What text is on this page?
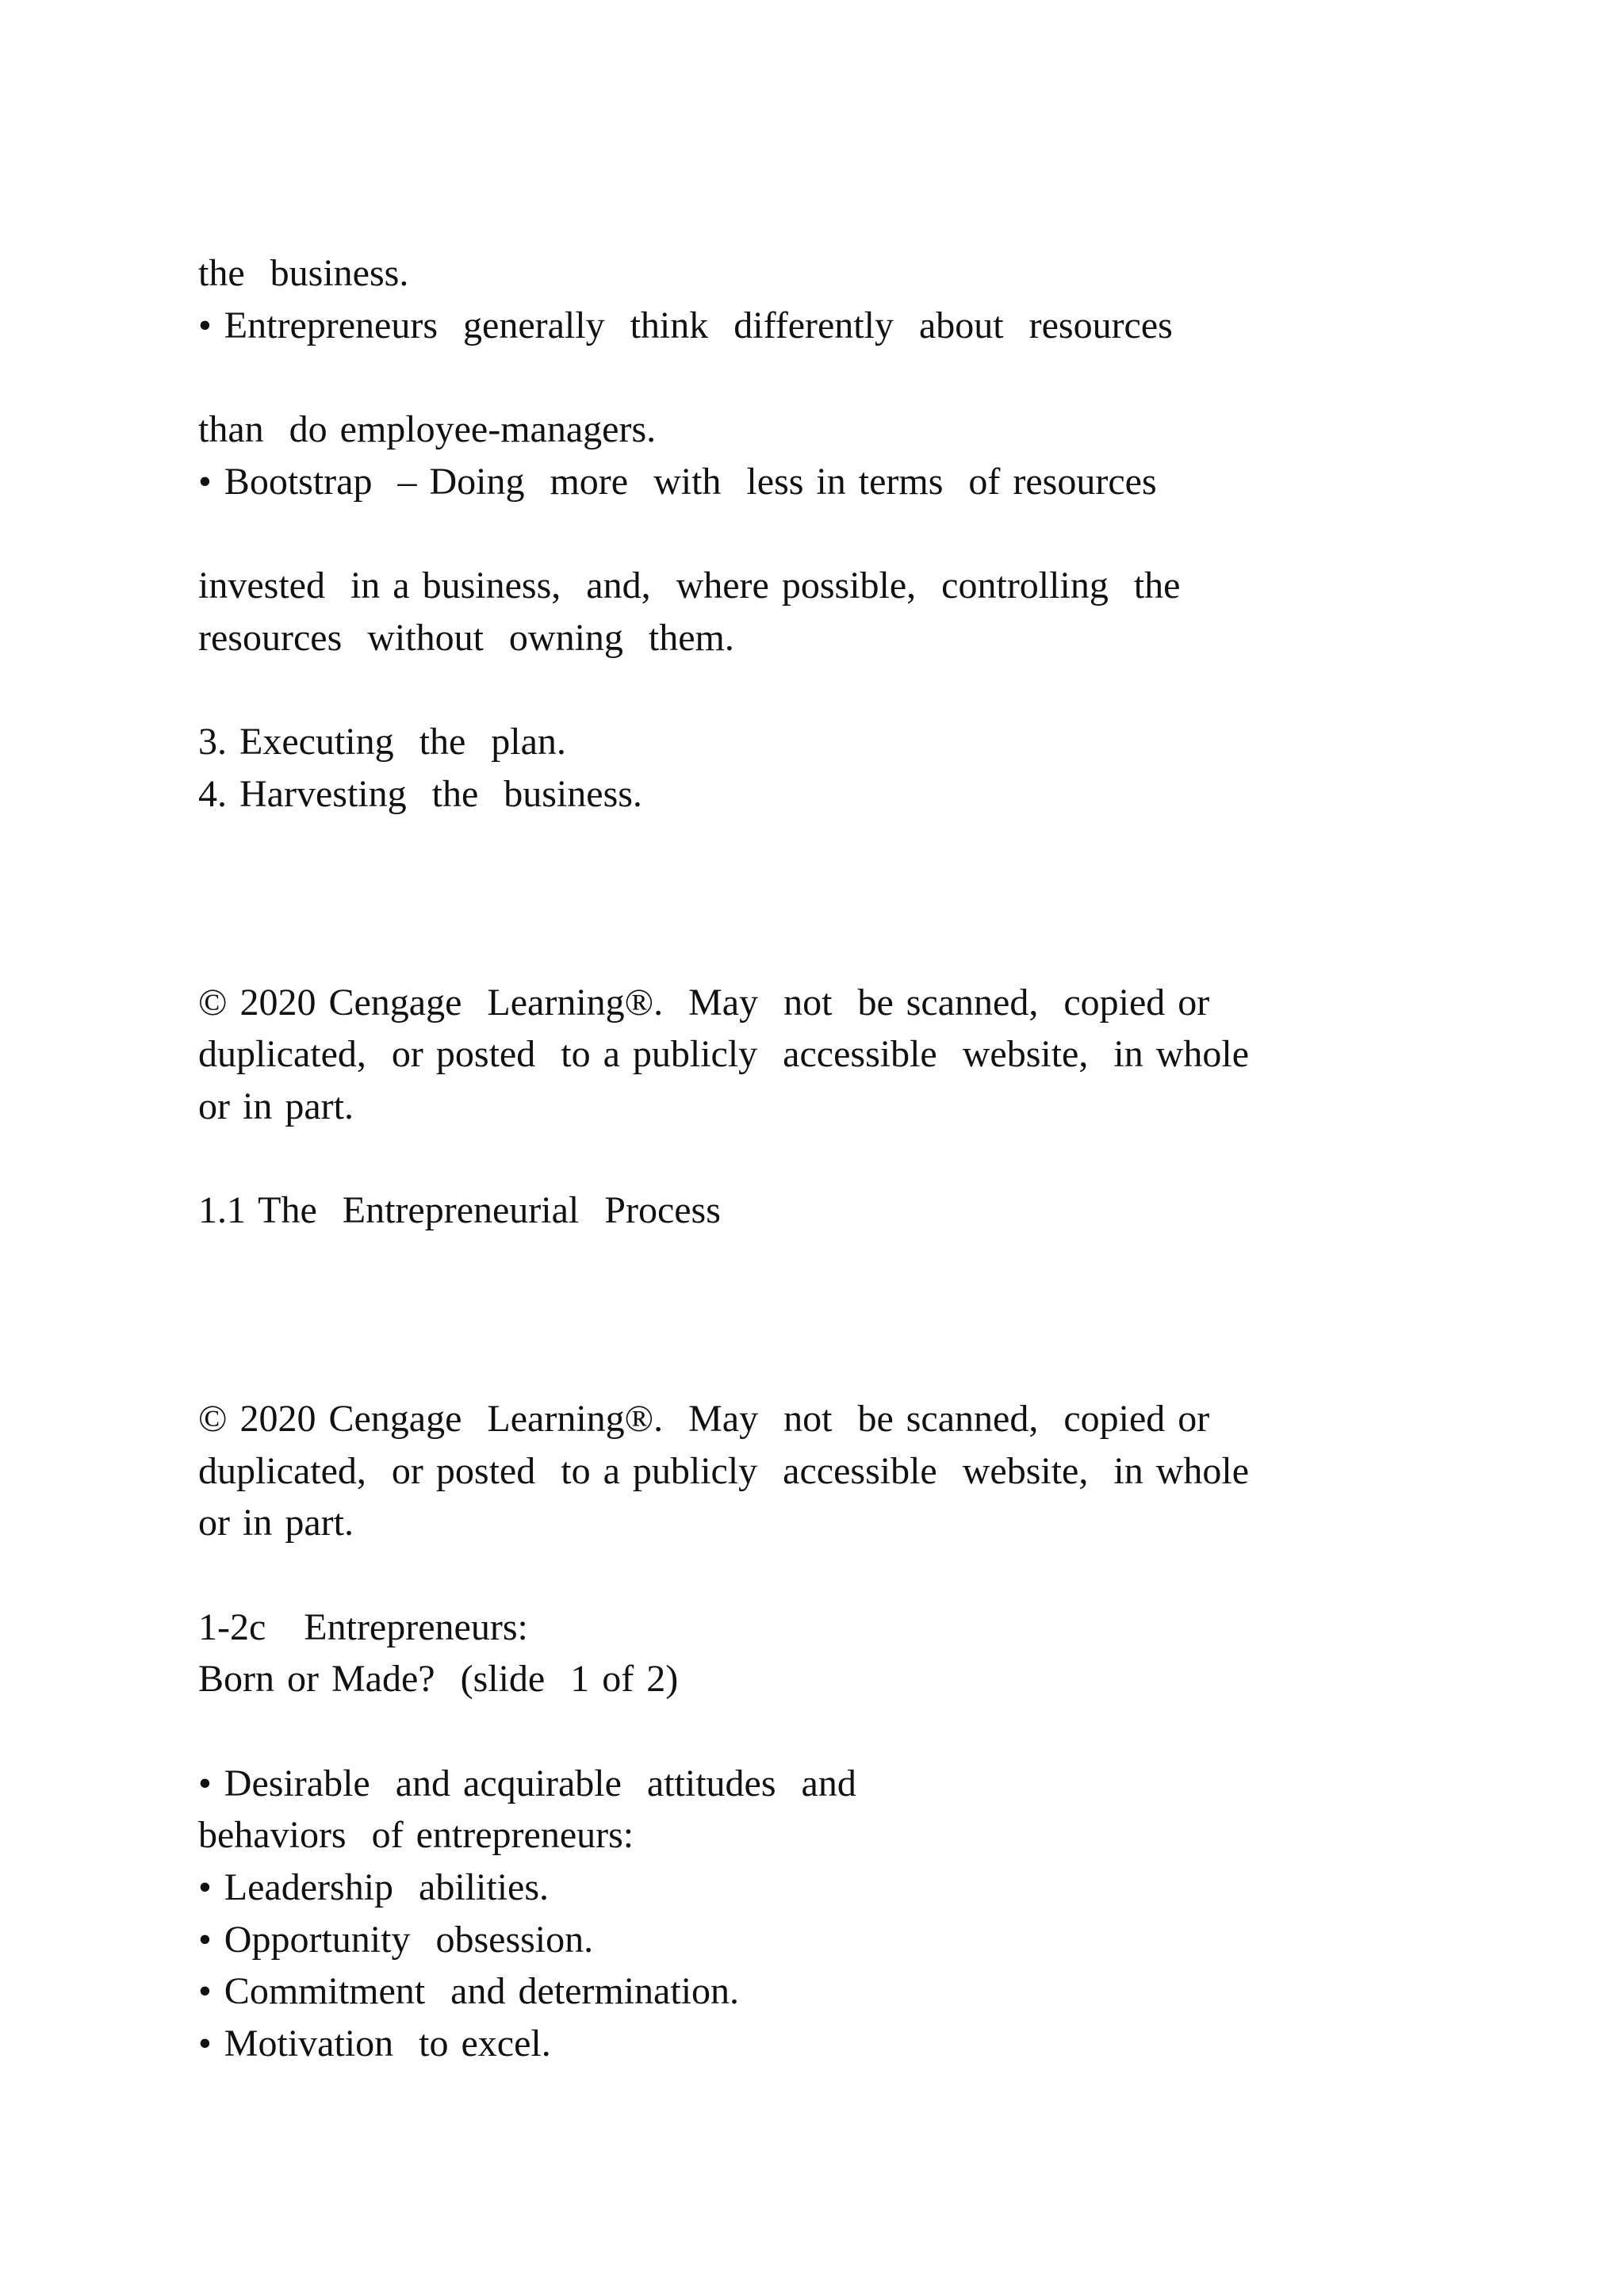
the  business.

• Entrepreneurs  generally  think  differently  about  resources

than  do employee-managers.

• Bootstrap  – Doing  more  with  less in terms  of resources

invested  in a business,  and,  where possible,  controlling  the

resources  without  owning  them.

3. Executing  the  plan.

4. Harvesting  the  business.

© 2020 Cengage  Learning®.  May  not  be scanned,  copied or

duplicated,  or posted  to a publicly  accessible  website,  in whole

or in part.

1.1 The  Entrepreneurial  Process

© 2020 Cengage  Learning®.  May  not  be scanned,  copied or

duplicated,  or posted  to a publicly  accessible  website,  in whole

or in part.

1-2c   Entrepreneurs:

Born or Made?  (slide  1 of 2)

• Desirable  and acquirable  attitudes  and

behaviors  of entrepreneurs:

• Leadership  abilities.

• Opportunity  obsession.

• Commitment  and determination.

• Motivation  to excel.
